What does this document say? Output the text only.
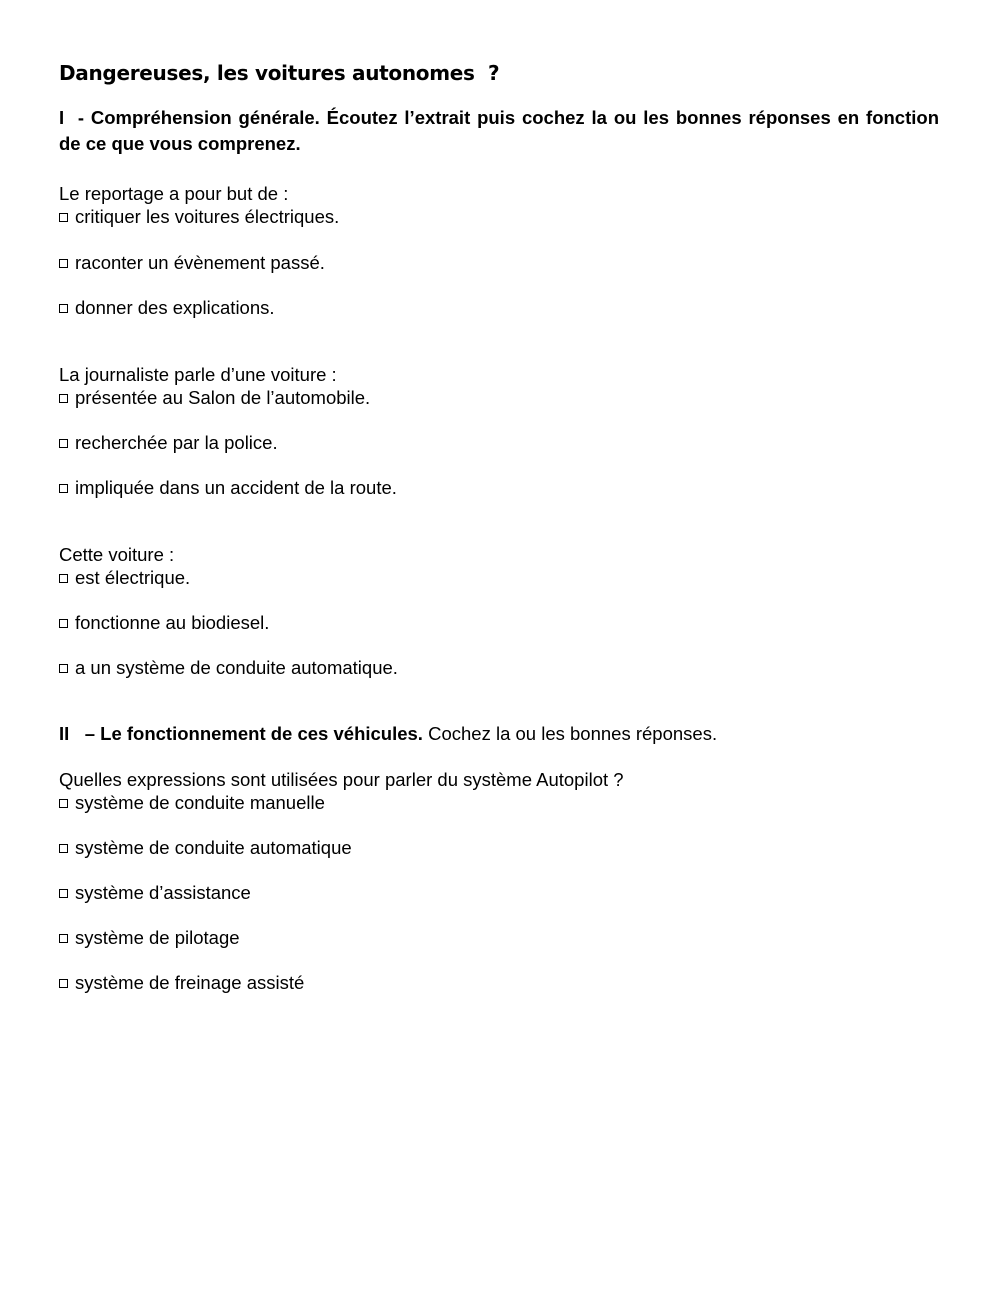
Dangereuses, les voitures autonomes  ?

I  - Compréhension générale. Écoutez l’extrait puis cochez la ou les bonnes réponses en fonction de ce que vous comprenez.

Le reportage a pour but de :

critiquer les voitures électriques.
raconter un évènement passé.
donner des explications.

La journaliste parle d’une voiture :

présentée au Salon de l’automobile.
recherchée par la police.
impliquée dans un accident de la route.

Cette voiture :

est électrique.
fonctionne au biodiesel.
a un système de conduite automatique.

II   – Le fonctionnement de ces véhicules. Cochez la ou les bonnes réponses.

Quelles expressions sont utilisées pour parler du système Autopilot ?

système de conduite manuelle
système de conduite automatique
système d’assistance
système de pilotage
système de freinage assisté
